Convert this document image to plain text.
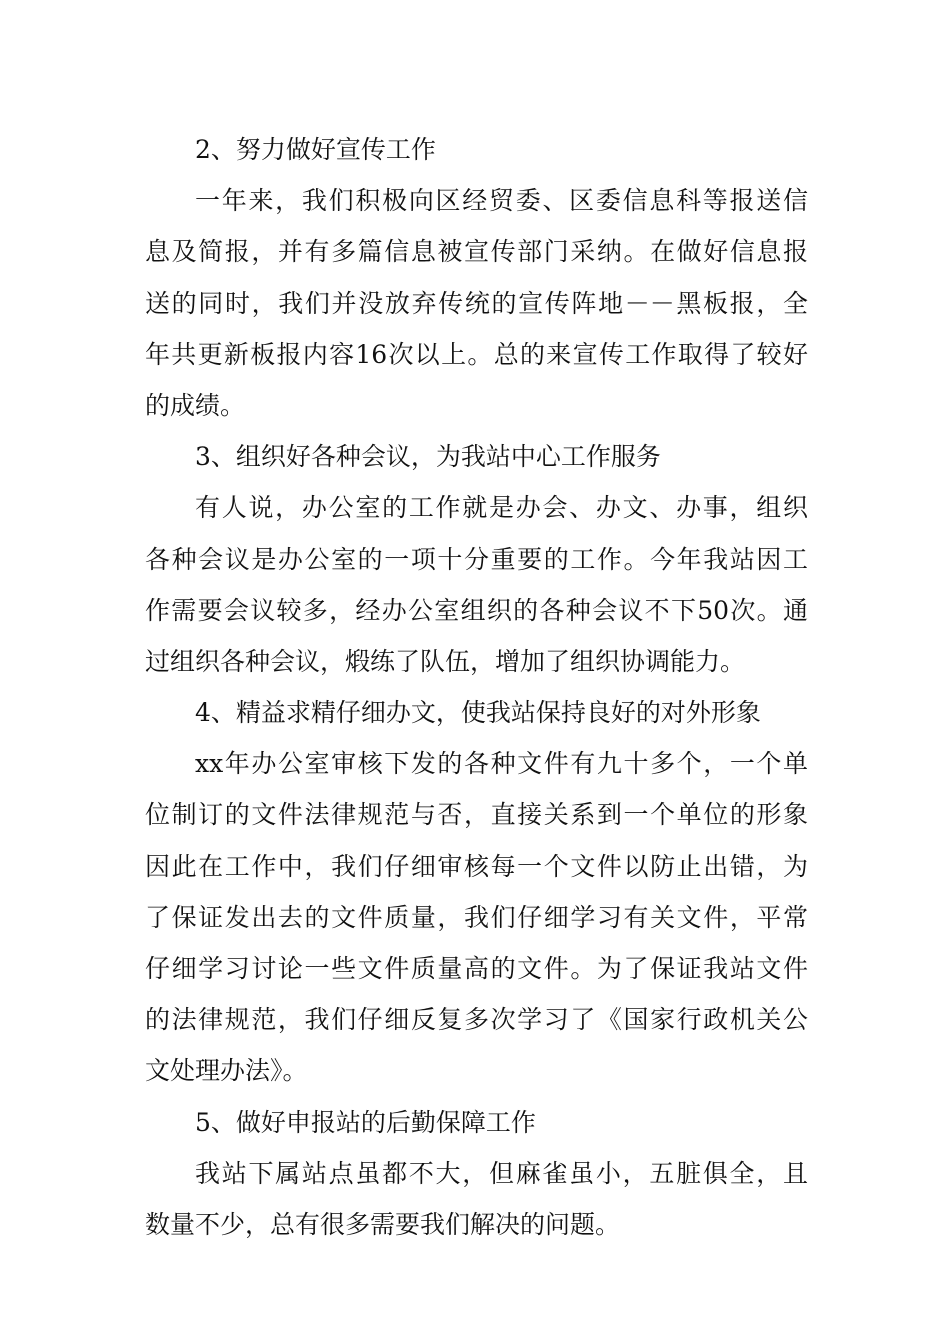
2、努力做好宣传工作
一年来，我们积极向区经贸委、区委信息科等报送信
息及简报，并有多篇信息被宣传部门采纳。在做好信息报
送的同时，我们并没放弃传统的宣传阵地－－黑板报，全
年共更新板报内容16次以上。总的来宣传工作取得了较好
的成绩。
3、组织好各种会议，为我站中心工作服务
有人说，办公室的工作就是办会、办文、办事，组织
各种会议是办公室的一项十分重要的工作。今年我站因工
作需要会议较多，经办公室组织的各种会议不下50次。通
过组织各种会议，煅练了队伍，增加了组织协调能力。
4、精益求精仔细办文，使我站保持良好的对外形象
xx年办公室审核下发的各种文件有九十多个，一个单
位制订的文件法律规范与否，直接关系到一个单位的形象
因此在工作中，我们仔细审核每一个文件以防止出错，为
了保证发出去的文件质量，我们仔细学习有关文件，平常
仔细学习讨论一些文件质量高的文件。为了保证我站文件
的法律规范，我们仔细反复多次学习了《国家行政机关公
文处理办法》。
5、做好申报站的后勤保障工作
我站下属站点虽都不大，但麻雀虽小，五脏俱全，且
数量不少，总有很多需要我们解决的问题。
